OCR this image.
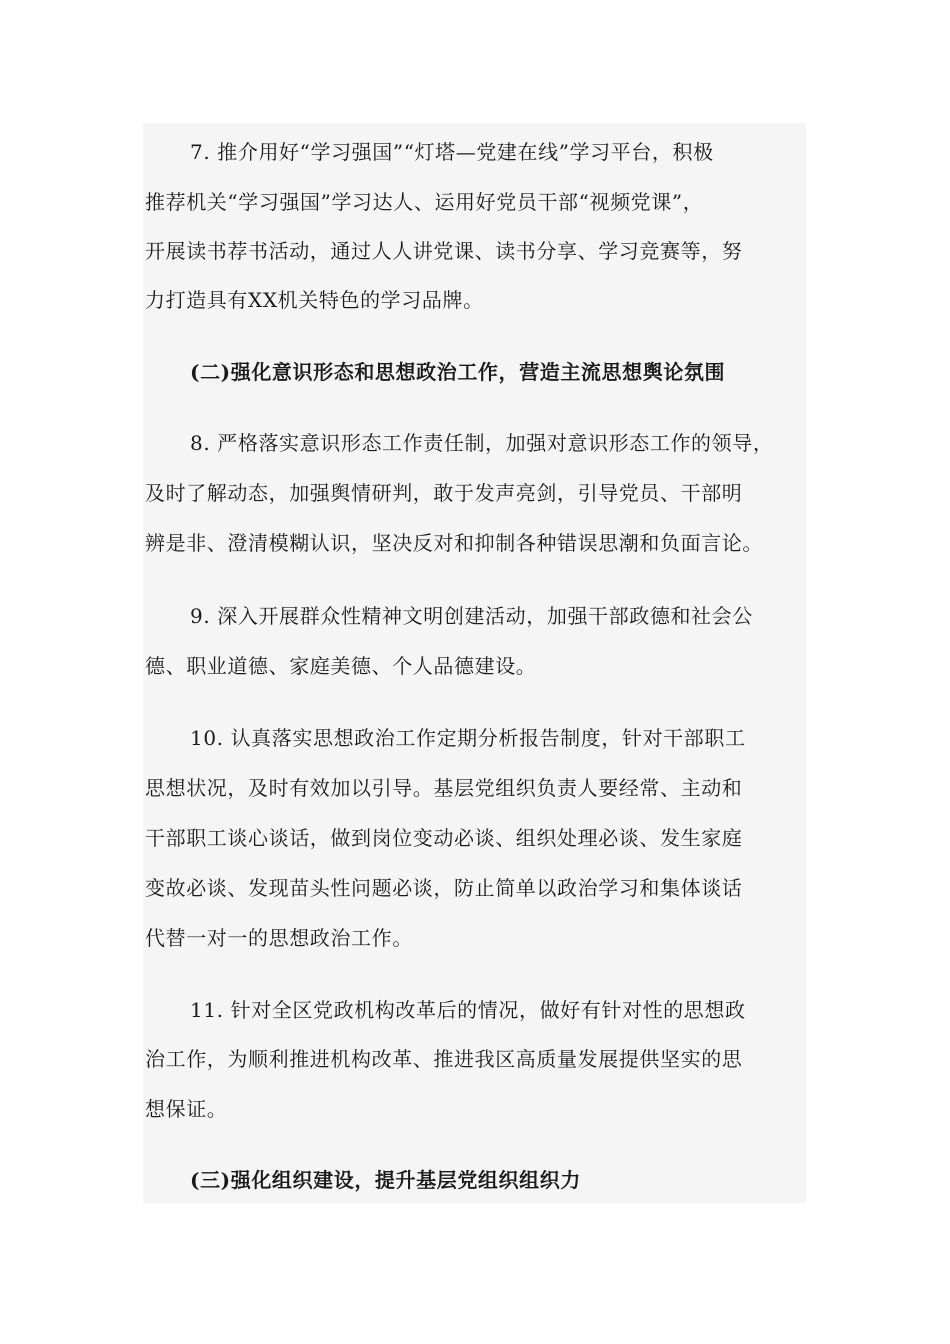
7. 推介用好“学习强国”“灯塔—党建在线”学习平台，积极
推荐机关“学习强国”学习达人、运用好党员干部“视频党课”，
开展读书荐书活动，通过人人讲党课、读书分享、学习竞赛等，努
力打造具有XX机关特色的学习品牌。
(二)强化意识形态和思想政治工作，营造主流思想舆论氛围
8. 严格落实意识形态工作责任制，加强对意识形态工作的领导，
及时了解动态，加强舆情研判，敢于发声亮剑，引导党员、干部明
辨是非、澄清模糊认识，坚决反对和抑制各种错误思潮和负面言论。
9. 深入开展群众性精神文明创建活动，加强干部政德和社会公
德、职业道德、家庭美德、个人品德建设。
10. 认真落实思想政治工作定期分析报告制度，针对干部职工
思想状况，及时有效加以引导。基层党组织负责人要经常、主动和
干部职工谈心谈话，做到岗位变动必谈、组织处理必谈、发生家庭
变故必谈、发现苗头性问题必谈，防止简单以政治学习和集体谈话
代替一对一的思想政治工作。
11. 针对全区党政机构改革后的情况，做好有针对性的思想政
治工作，为顺利推进机构改革、推进我区高质量发展提供坚实的思
想保证。
(三)强化组织建设，提升基层党组织组织力
